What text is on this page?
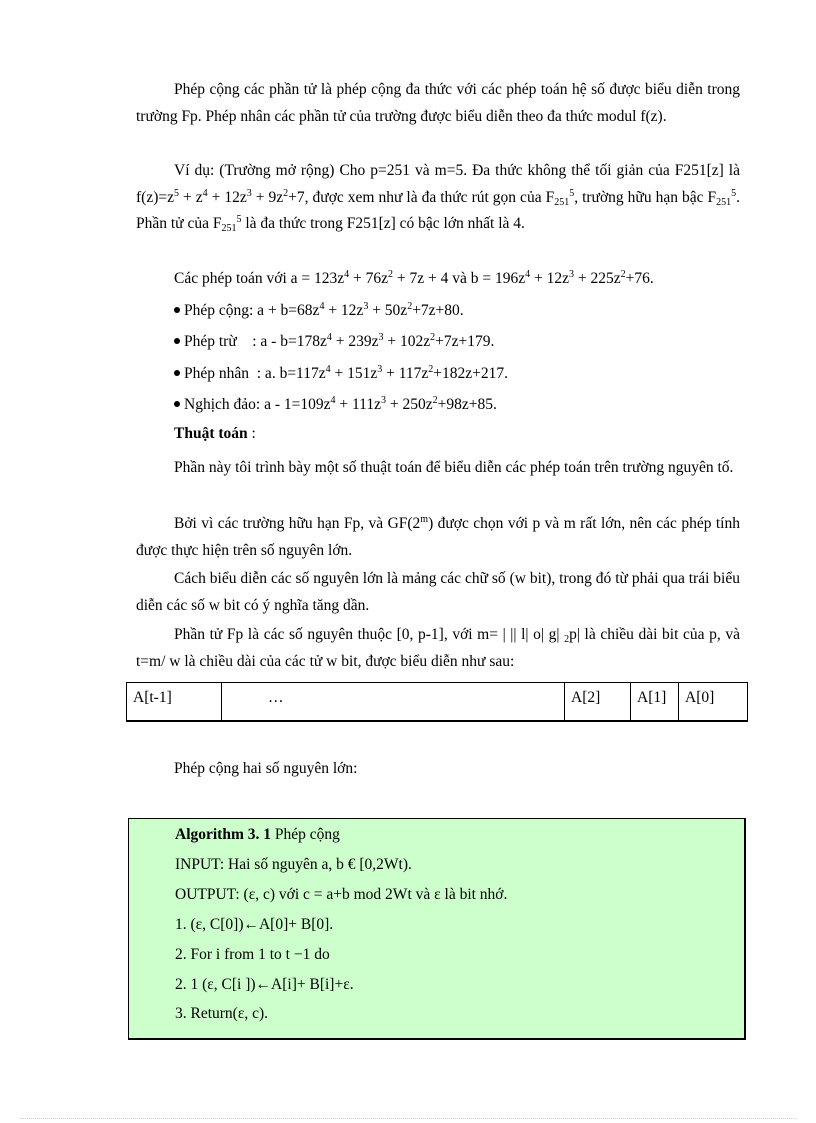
Phép cộng các phần tử là phép cộng đa thức với các phép toán hệ số được biểu diễn trong trường Fp. Phép nhân các phần tử của trường được biểu diễn theo đa thức modul f(z).

Ví dụ: (Trường mở rộng) Cho p=251 và m=5. Đa thức không thể tối giản của F251[z] là $f(z)=z^5 + z^4 + 12z^3 + 9z^2+7$, được xem như là đa thức rút gọn của $F_{251}^5$, trường hữu hạn bậc $F_{251}^5$. Phần tử của $F_{251}^5$ là đa thức trong F251[z] có bậc lớn nhất là 4.

Các phép toán với $a = 123z^4 + 76z^2 + 7z + 4$ và $b = 196z^4 + 12z^3 + 225z^2+76$.

Phép cộng: $a + b=68z^4 + 12z^3 + 50z^2+7z+80$.

Phép trừ    : $a - b=178z^4 + 239z^3 + 102z^2+7z+179$.

Phép nhân  : a. $b=117z^4 + 151z^3 + 117z^2+182z+217$.

Nghịch đảo: $a - 1=109z^4 + 111z^3 + 250z^2+98z+85$.

Thuật toán :

Phần này tôi trình bày một số thuật toán để biểu diễn các phép toán trên trường nguyên tố.

Bởi vì các trường hữu hạn Fp, và GF(2$^m$) được chọn với p và m rất lớn, nên các phép tính được thực hiện trên số nguyên lớn.

Cách biểu diễn các số nguyên lớn là mảng các chữ số (w bit), trong đó từ phải qua trái biểu diễn các số w bit có ý nghĩa tăng dần.

Phần tử Fp là các số nguyên thuộc [0, p-1], với m= | || l| o| g| $_2$p| là chiều dài bit của p, và t=m/ w là chiều dài của các tử w bit, được biểu diễn như sau:

A[t-1]	…	A[2]	A[1]	A[0]

Phép cộng hai số nguyên lớn:

Algorithm 3. 1 Phép cộng
INPUT: Hai số nguyên a, b € [0,2Wt).
OUTPUT: (ε, c) với c = a+b mod 2Wt và ε là bit nhớ.
1. (ε, C[0])←A[0]+ B[0].
2. For i from 1 to t −1 do
2. 1 (ε, C[i ])←A[i]+ B[i]+ε.
3. Return(ε, c).
